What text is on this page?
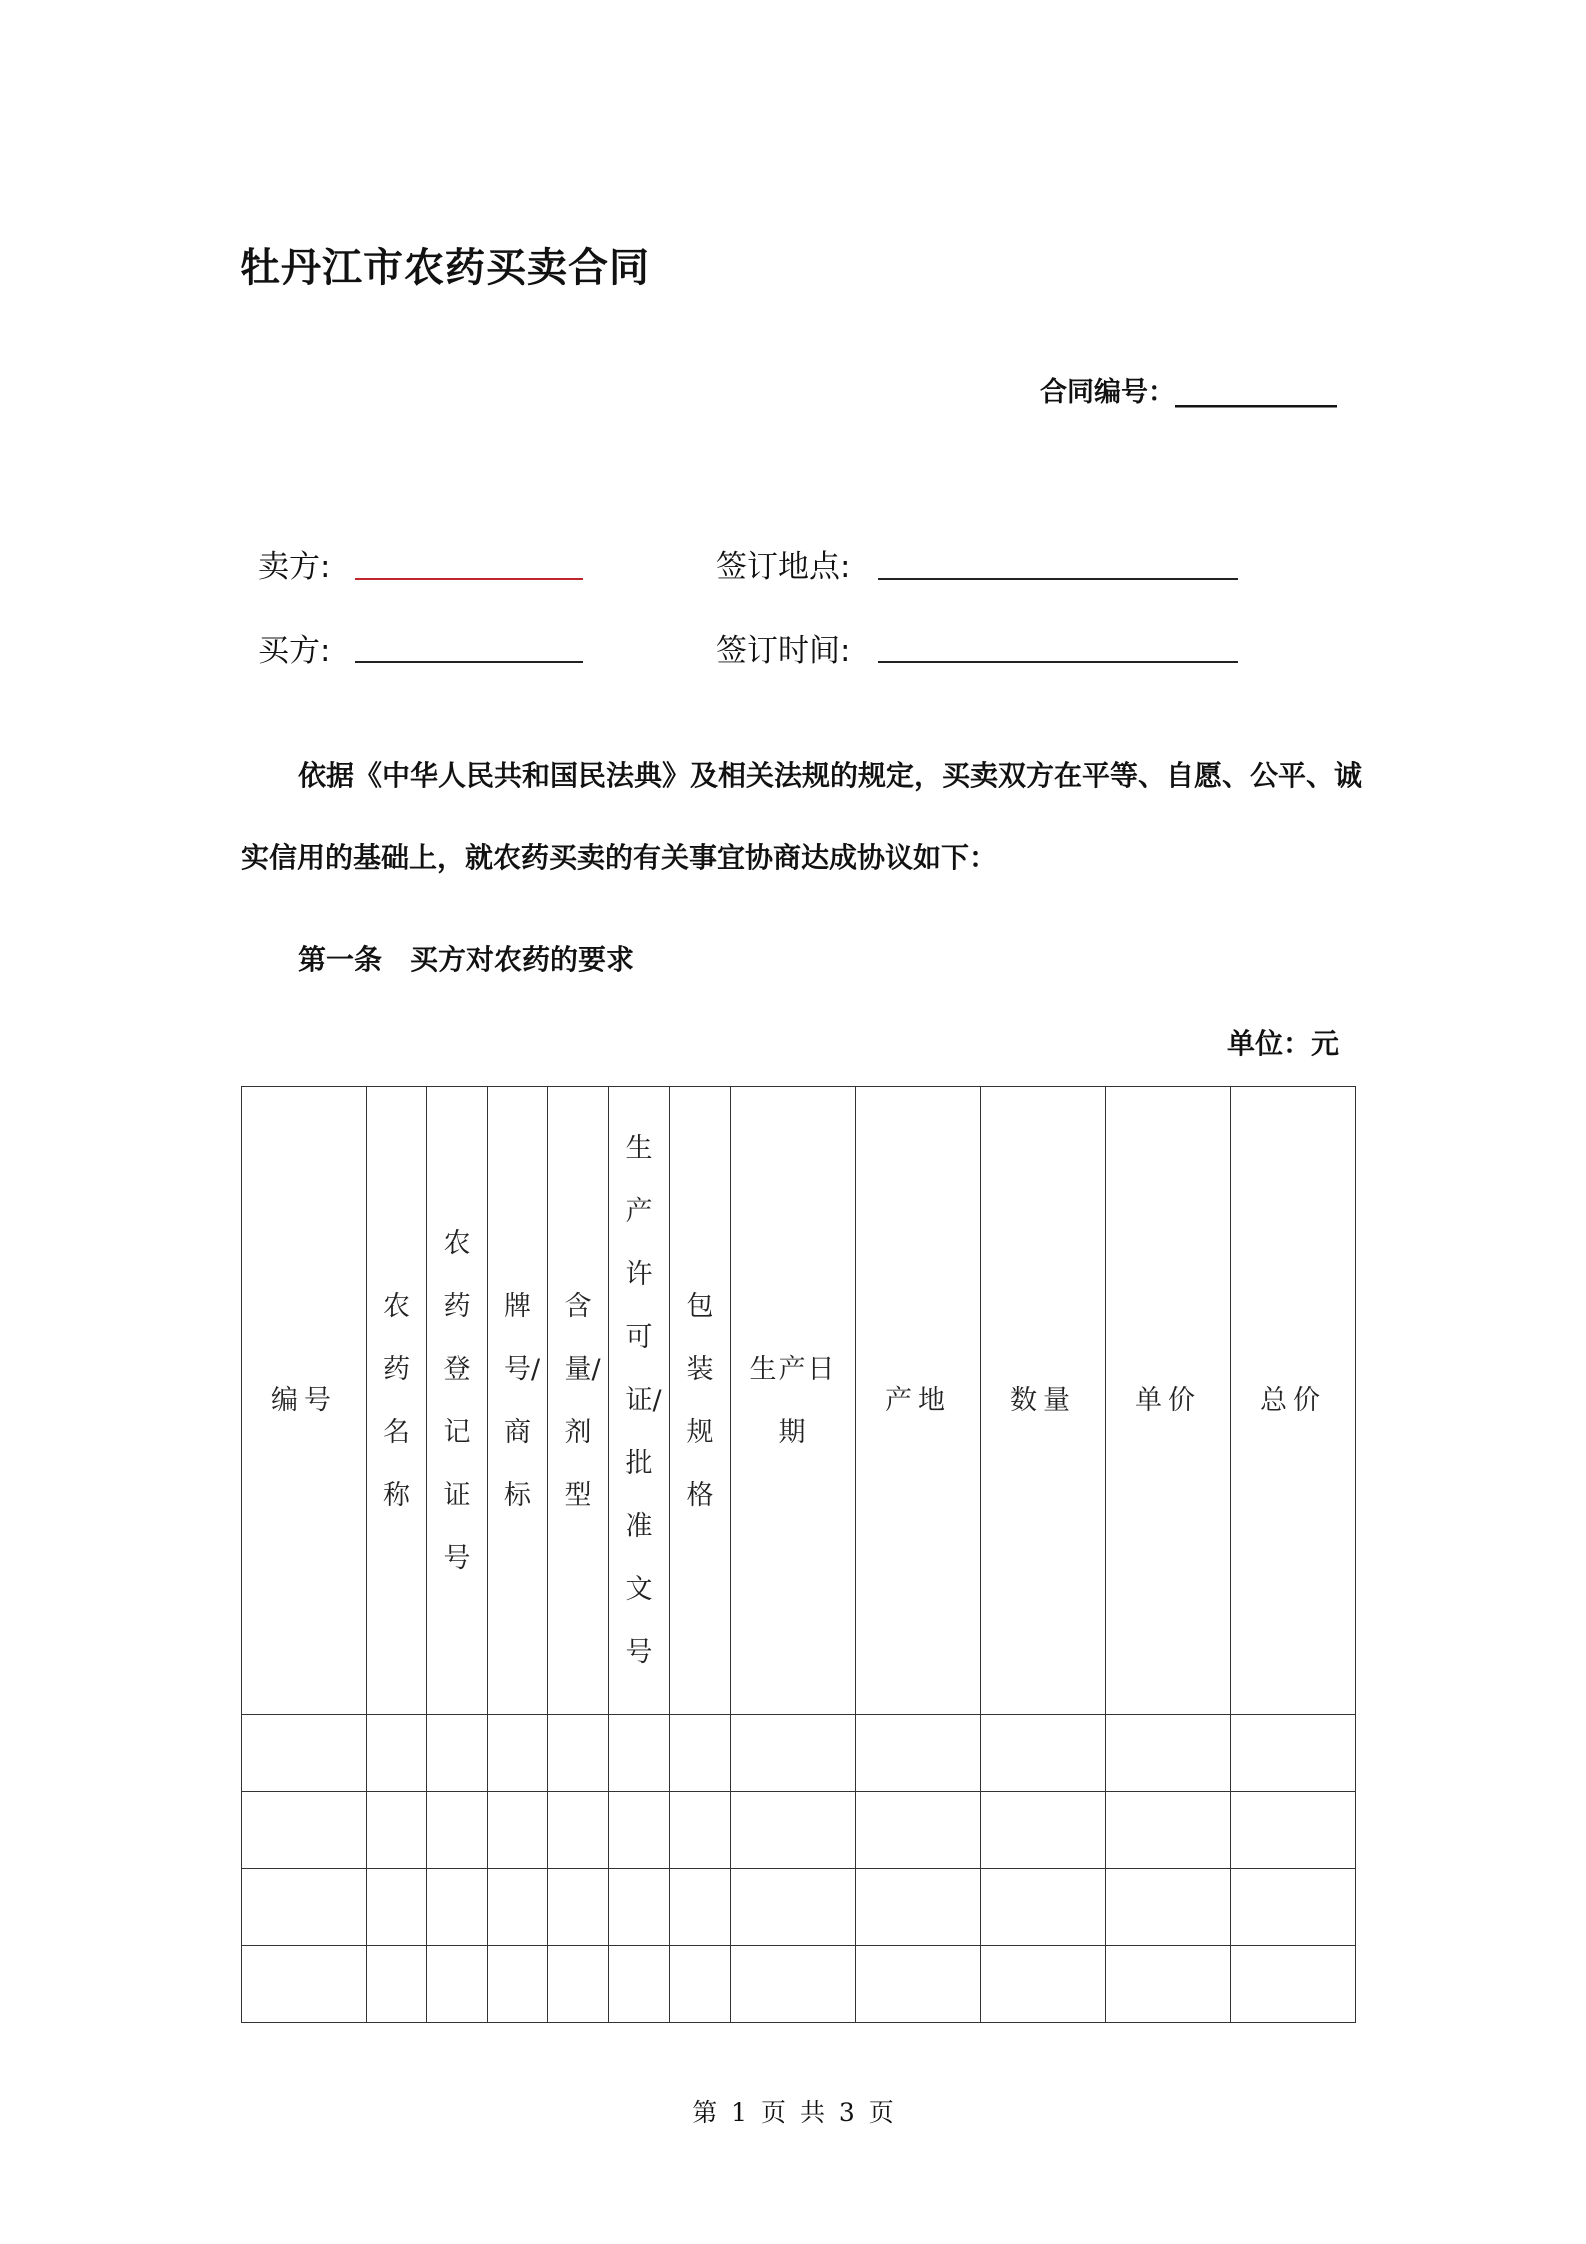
牡丹江市农药买卖合同
合同编号：____________
卖方:	签订地点:
买方:	签订时间:
依据《中华人民共和国民法典》及相关法规的规定，买卖双方在平等、自愿、公平、诚
实信用的基础上，就农药买卖的有关事宜协商达成协议如下：
第一条　买方对农药的要求
单位：元
编号	农药名称	农药登记证号	牌号/商标	含量/剂型	生产许可证/批准文号	包装规格	生产日期	产地	数量	单价	总价

第 1 页 共 3 页
